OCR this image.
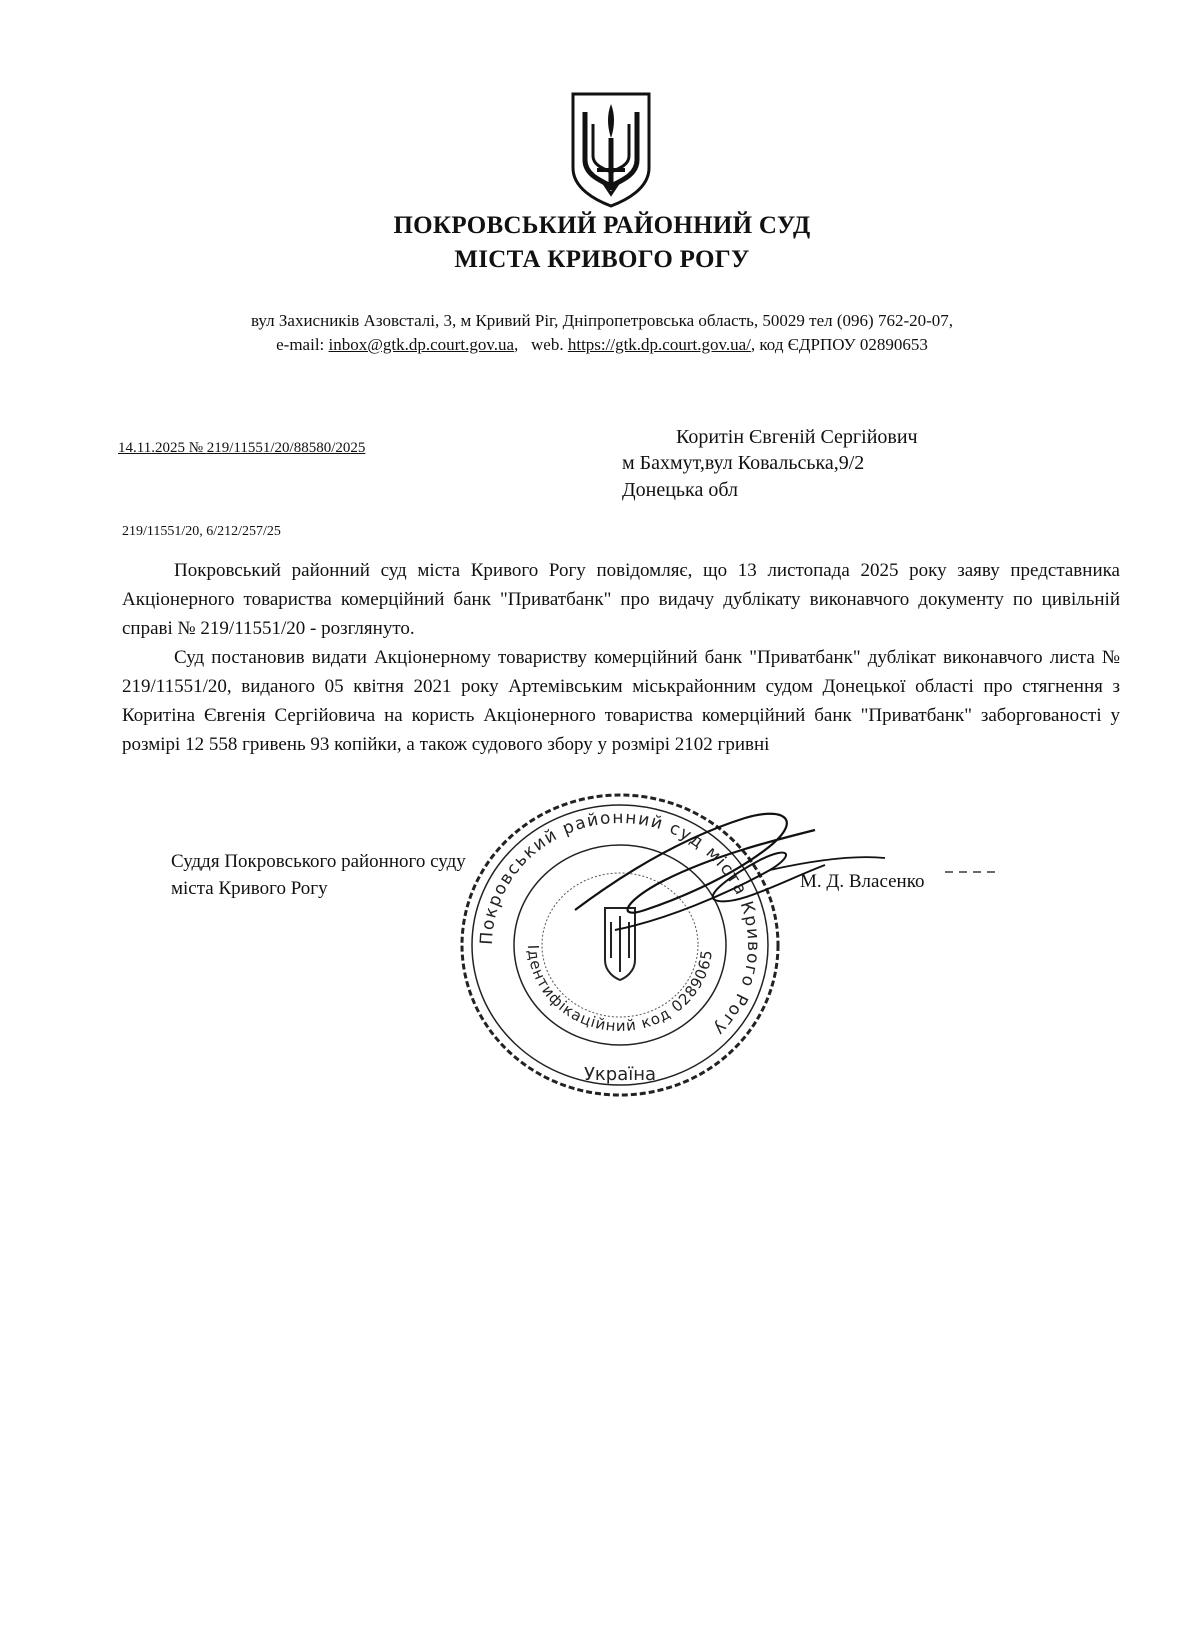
ПОКРОВСЬКИЙ РАЙОННИЙ СУД
МІСТА КРИВОГО РОГУ
вул Захисників Азовсталі, 3, м Кривий Ріг, Дніпропетровська область, 50029 тел (096) 762-20-07,
e-mail: inbox@gtk.dp.court.gov.ua,   web. https://gtk.dp.court.gov.ua/, код ЄДРПОУ 02890653
14.11.2025 № 219/11551/20/88580/2025	Коритін Євгеній Сергійович
м Бахмут,вул Ковальська,9/2
Донецька обл
219/11551/20, 6/212/257/25

Покровський районний суд міста Кривого Рогу повідомляє, що 13 листопада 2025 року заяву представника Акціонерного товариства комерційний банк "Приватбанк" про видачу дублікату виконавчого документу по цивільній справі № 219/11551/20 - розглянуто.

Суд постановив видати Акціонерному товариству комерційний банк "Приватбанк" дублікат виконавчого листа № 219/11551/20, виданого 05 квітня 2021 року Артемівським міськрайонним судом Донецької області про стягнення з Коритіна Євгенія Сергійовича на користь Акціонерного товариства комерційний банк "Приватбанк" заборгованості у розмірі 12 558 гривень 93 копійки, а також судового збору у розмірі 2102 гривні

Суддя Покровського районного суду
міста Кривого Рогу	М. Д. Власенко
Покровський районний суд міста Кривого Рогу
Ідентифікаційний код 0289065
Україна
